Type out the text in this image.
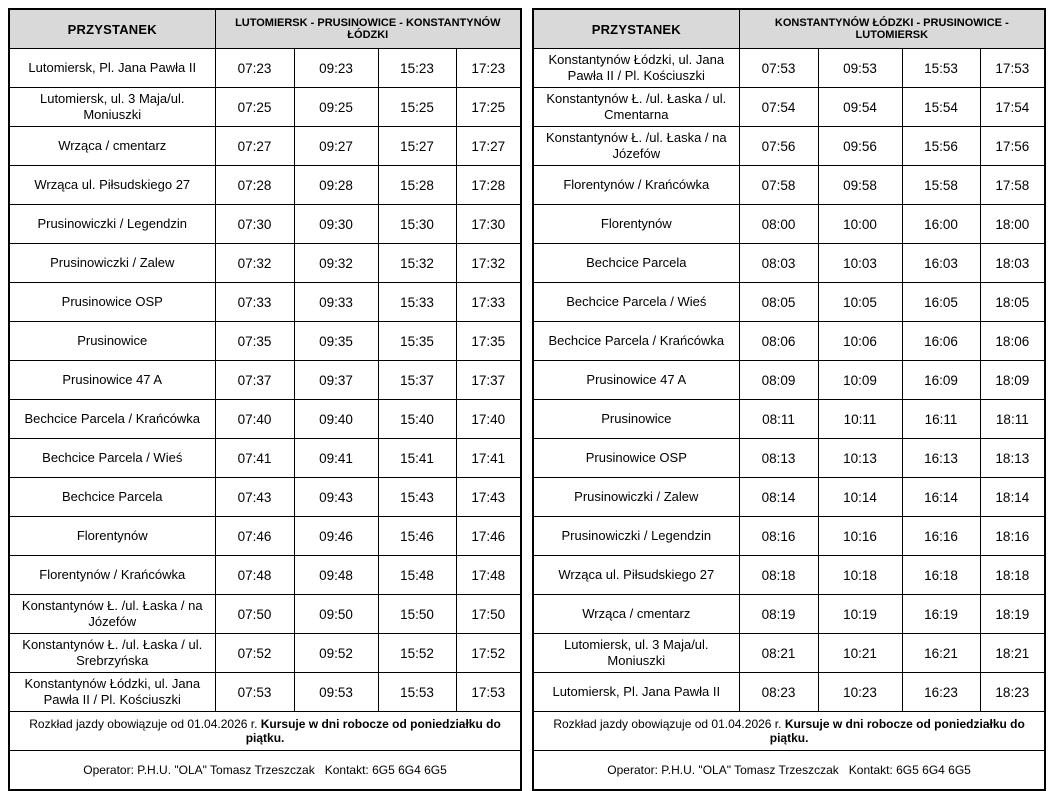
PRZYSTANEK	LUTOMIERSK - PRUSINOWICE - KONSTANTYNÓW ŁÓDZKI			
Lutomiersk, Pl. Jana Pawła II	07:23	09:23	15:23	17:23
Lutomiersk, ul. 3 Maja/ul. Moniuszki	07:25	09:25	15:25	17:25
Wrząca / cmentarz	07:27	09:27	15:27	17:27
Wrząca ul. Piłsudskiego 27	07:28	09:28	15:28	17:28
Prusinowiczki / Legendzin	07:30	09:30	15:30	17:30
Prusinowiczki / Zalew	07:32	09:32	15:32	17:32
Prusinowice OSP	07:33	09:33	15:33	17:33
Prusinowice	07:35	09:35	15:35	17:35
Prusinowice 47 A	07:37	09:37	15:37	17:37
Bechcice Parcela / Krańcówka	07:40	09:40	15:40	17:40
Bechcice Parcela / Wieś	07:41	09:41	15:41	17:41
Bechcice Parcela	07:43	09:43	15:43	17:43
Florentynów	07:46	09:46	15:46	17:46
Florentynów / Krańcówka	07:48	09:48	15:48	17:48
Konstantynów Ł. /ul. Łaska / na Józefów	07:50	09:50	15:50	17:50
Konstantynów Ł. /ul. Łaska / ul. Srebrzyńska	07:52	09:52	15:52	17:52
Konstantynów Łódzki, ul. Jana Pawła II / Pl. Kościuszki	07:53	09:53	15:53	17:53
Rozkład jazdy obowiązuje od 01.04.2026 r. Kursuje w dni robocze od poniedziałku do piątku.				
Operator: P.H.U. "OLA" Tomasz Trzeszczak   Kontakt: 6G5 6G4 6G5				
PRZYSTANEK	KONSTANTYNÓW ŁÓDZKI - PRUSINOWICE - LUTOMIERSK			
Konstantynów Łódzki, ul. Jana Pawła II / Pl. Kościuszki	07:53	09:53	15:53	17:53
Konstantynów Ł. /ul. Łaska / ul. Cmentarna	07:54	09:54	15:54	17:54
Konstantynów Ł. /ul. Łaska / na Józefów	07:56	09:56	15:56	17:56
Florentynów / Krańcówka	07:58	09:58	15:58	17:58
Florentynów	08:00	10:00	16:00	18:00
Bechcice Parcela	08:03	10:03	16:03	18:03
Bechcice Parcela / Wieś	08:05	10:05	16:05	18:05
Bechcice Parcela / Krańcówka	08:06	10:06	16:06	18:06
Prusinowice 47 A	08:09	10:09	16:09	18:09
Prusinowice	08:11	10:11	16:11	18:11
Prusinowice OSP	08:13	10:13	16:13	18:13
Prusinowiczki / Zalew	08:14	10:14	16:14	18:14
Prusinowiczki / Legendzin	08:16	10:16	16:16	18:16
Wrząca ul. Piłsudskiego 27	08:18	10:18	16:18	18:18
Wrząca / cmentarz	08:19	10:19	16:19	18:19
Lutomiersk, ul. 3 Maja/ul. Moniuszki	08:21	10:21	16:21	18:21
Lutomiersk, Pl. Jana Pawła II	08:23	10:23	16:23	18:23
Rozkład jazdy obowiązuje od 01.04.2026 r. Kursuje w dni robocze od poniedziałku do piątku.				
Operator: P.H.U. "OLA" Tomasz Trzeszczak   Kontakt: 6G5 6G4 6G5				
